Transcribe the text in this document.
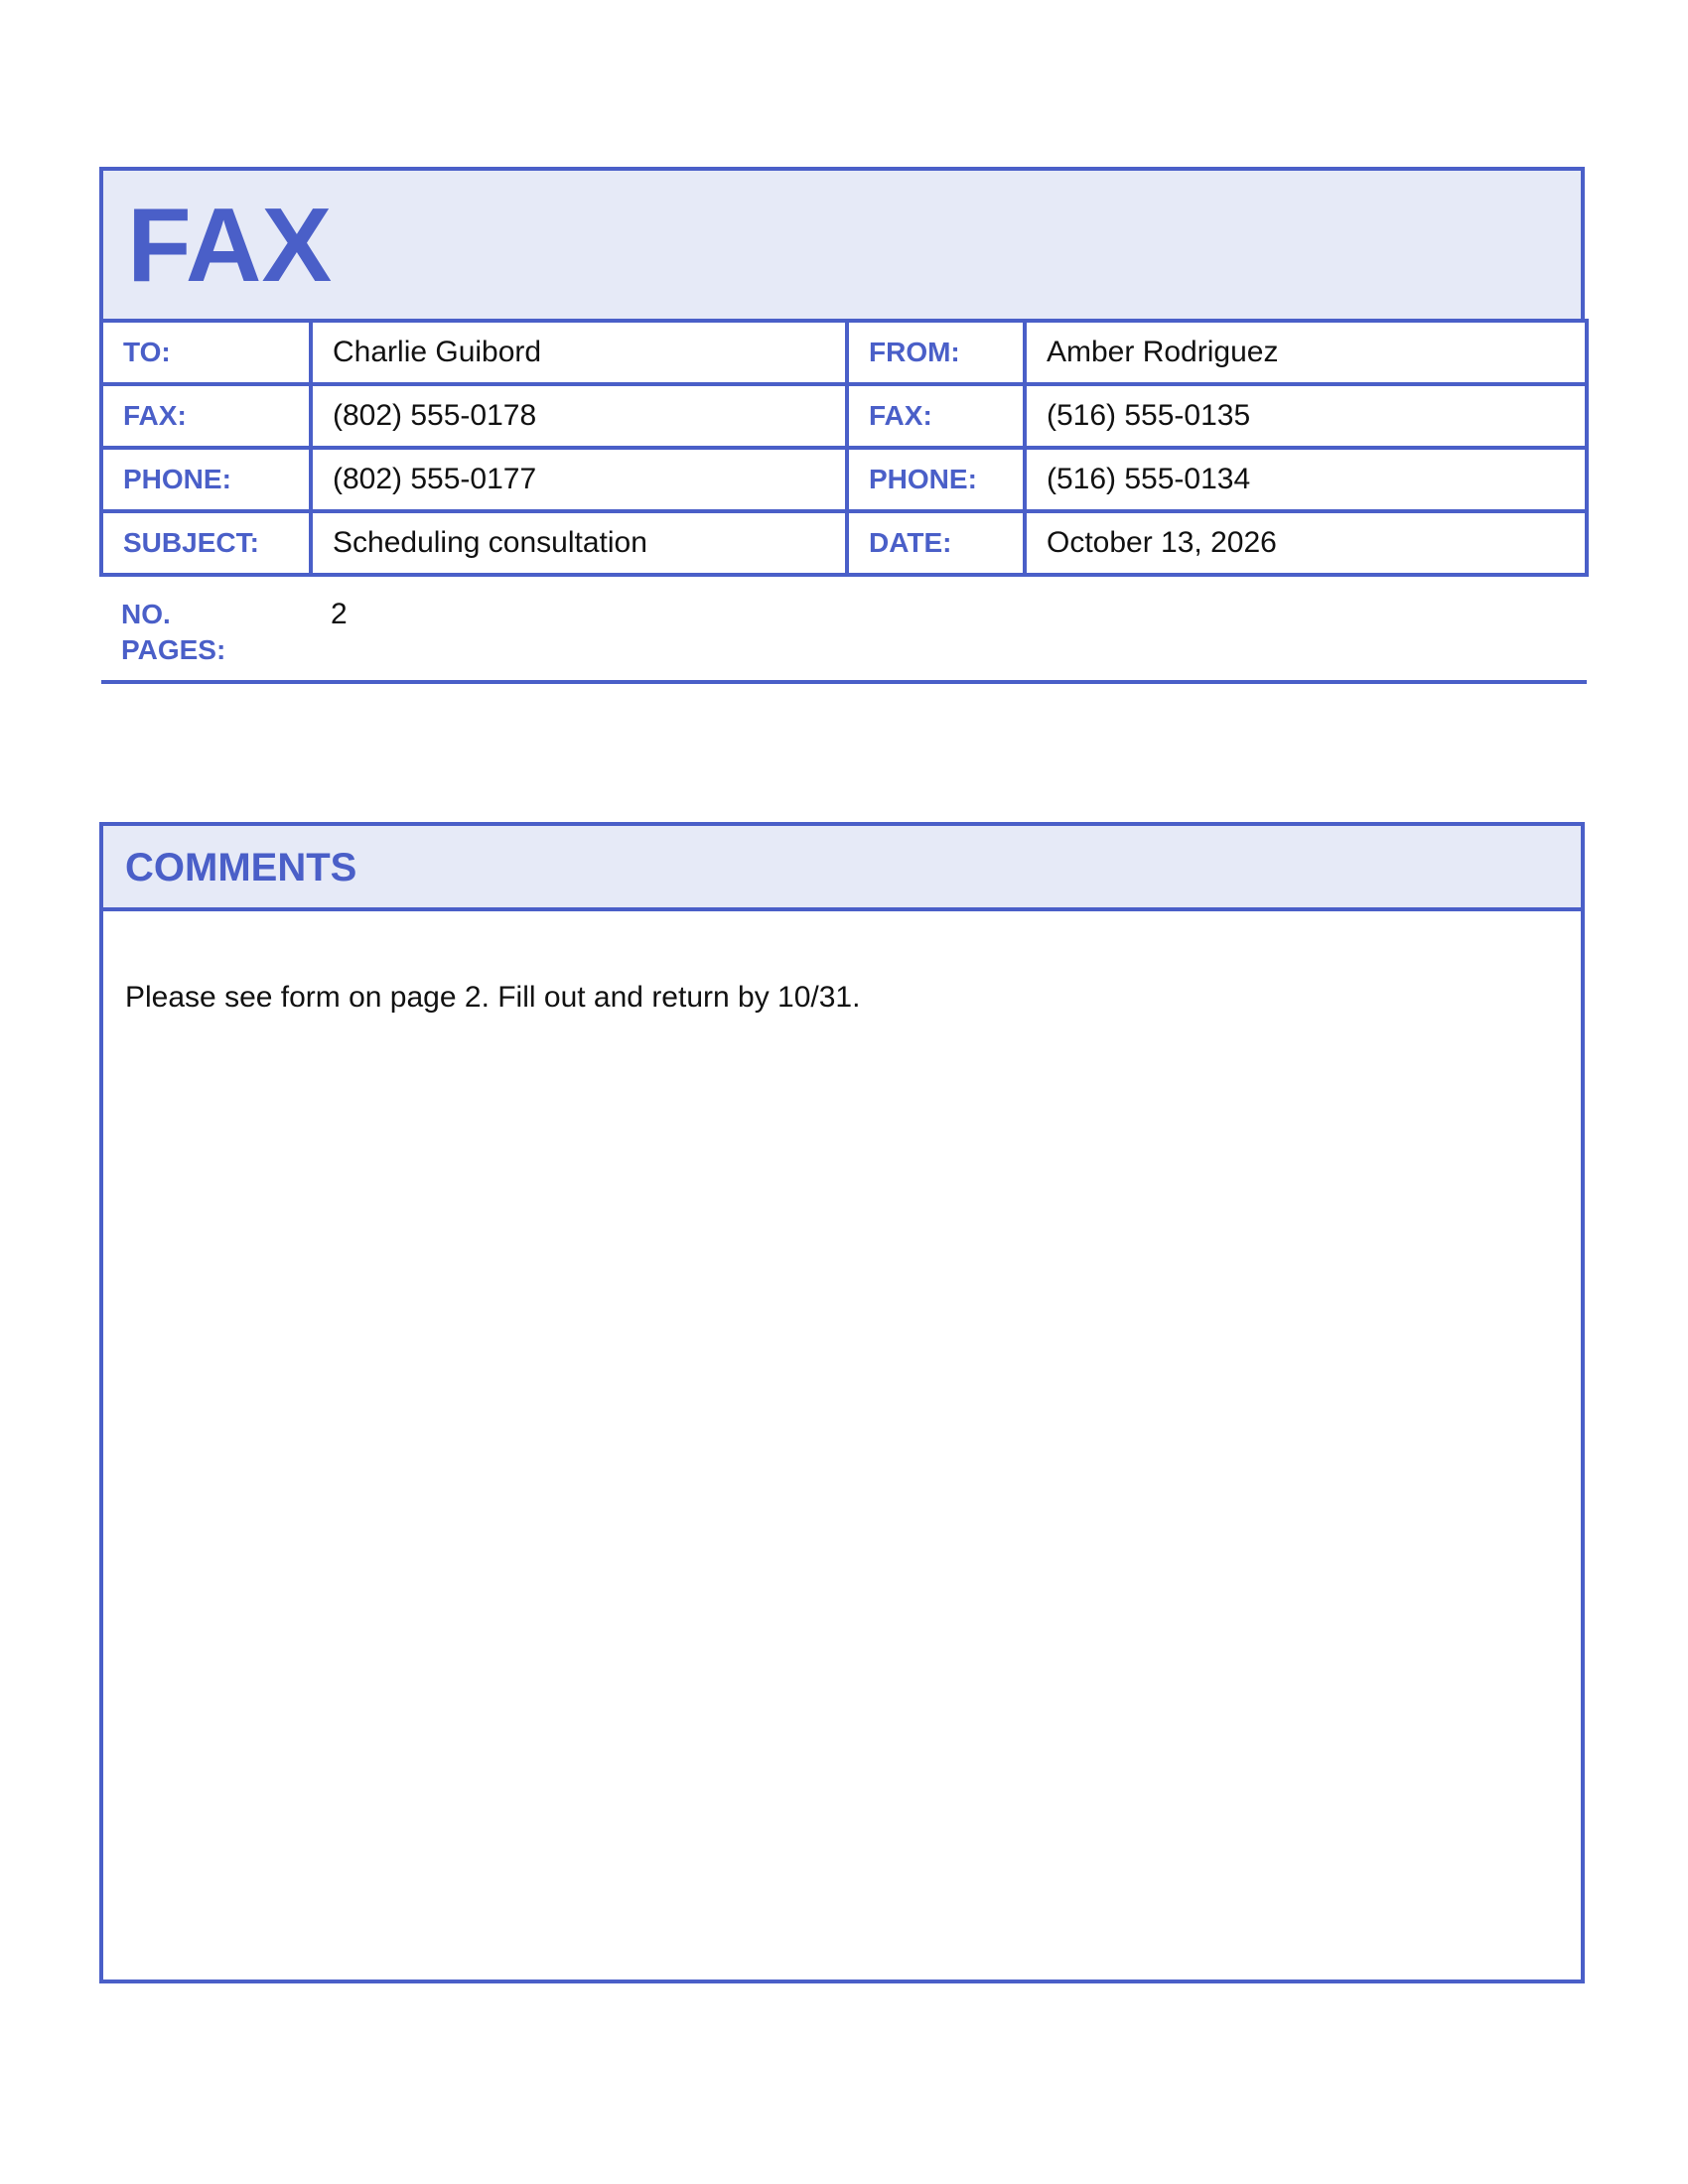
FAX
TO:	Charlie Guibord	FROM:	Amber Rodriguez
FAX:	(802) 555-0178	FAX:	(516) 555-0135
PHONE:	(802) 555-0177	PHONE:	(516) 555-0134
SUBJECT:	Scheduling consultation	DATE:	October 13, 2026

NO.
PAGES:	2		
COMMENTS
Please see form on page 2. Fill out and return by 10/31.
